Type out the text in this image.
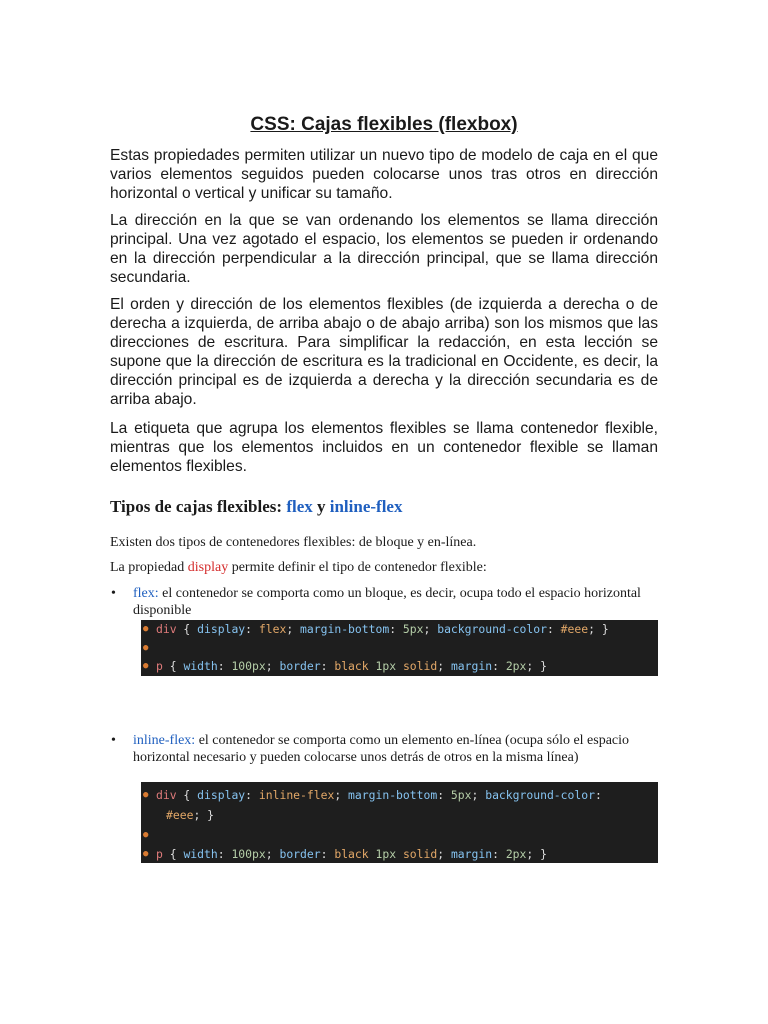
CSS: Cajas flexibles (flexbox)

Estas propiedades permiten utilizar un nuevo tipo de modelo de caja en el que varios elementos seguidos pueden colocarse unos tras otros en dirección horizontal o vertical y unificar su tamaño.

La dirección en la que se van ordenando los elementos se llama dirección principal. Una vez agotado el espacio, los elementos se pueden ir ordenando en la dirección perpendicular a la dirección principal, que se llama dirección secundaria.

El orden y dirección de los elementos flexibles (de izquierda a derecha o de derecha a izquierda, de arriba abajo o de abajo arriba) son los mismos que las direcciones de escritura. Para simplificar la redacción, en esta lección se supone que la dirección de escritura es la tradicional en Occidente, es decir, la dirección principal es de izquierda a derecha y la dirección secundaria es de arriba abajo.

La etiqueta que agrupa los elementos flexibles se llama contenedor flexible, mientras que los elementos incluidos en un contenedor flexible se llaman elementos flexibles.

Tipos de cajas flexibles: flex y inline-flex
Existen dos tipos de contenedores flexibles: de bloque y en-línea.
La propiedad display permite definir el tipo de contenedor flexible:
• flex: el contenedor se comporta como un bloque, es decir, ocupa todo el espacio horizontal disponible
● div { display: flex; margin-bottom: 5px; background-color: #eee; }
●
● p { width: 100px; border: black 1px solid; margin: 2px; }
• inline-flex: el contenedor se comporta como un elemento en-línea (ocupa sólo el espacio horizontal necesario y pueden colocarse unos detrás de otros en la misma línea)
● div { display: inline-flex; margin-bottom: 5px; background-color:
#eee; }
●
● p { width: 100px; border: black 1px solid; margin: 2px; }
